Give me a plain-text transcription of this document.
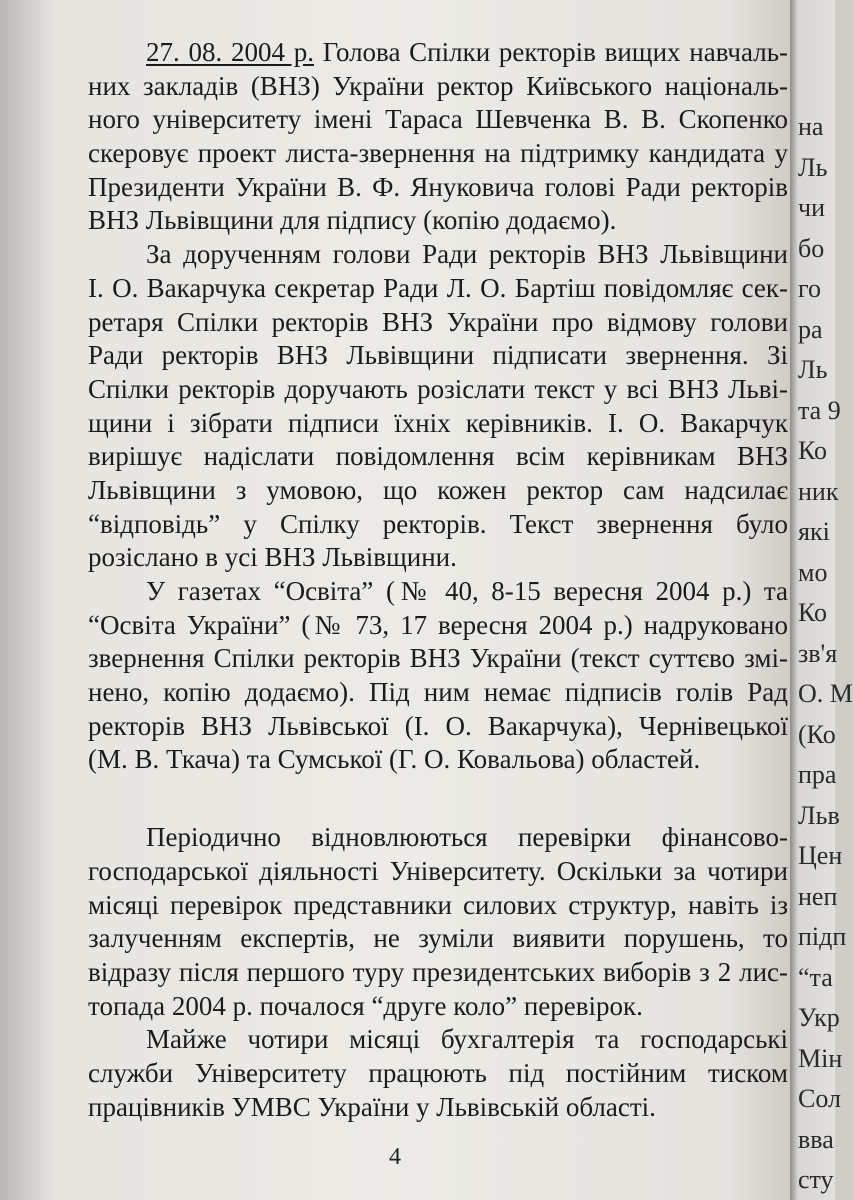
27. 08. 2004 р. Голова Спілки ректорів вищих навчаль-
них закладів (ВНЗ) України ректор Київського національ-
ного університету імені Тараса Шевченка В. В. Скопенко
скеровує проект листа-звернення на підтримку кандидата у
Президенти України В. Ф. Януковича голові Ради ректорів
ВНЗ Львівщини для підпису (копію додаємо).
За дорученням голови Ради ректорів ВНЗ Львівщини
І. О. Вакарчука секретар Ради Л. О. Бартіш повідомляє сек-
ретаря Спілки ректорів ВНЗ України про відмову голови
Ради ректорів ВНЗ Львівщини підписати звернення. Зі
Спілки ректорів доручають розіслати текст у всі ВНЗ Льві-
щини і зібрати підписи їхніх керівників. І. О. Вакарчук
вирішує надіслати повідомлення всім керівникам ВНЗ
Львівщини з умовою, що кожен ректор сам надсилає
“відповідь” у Спілку ректорів. Текст звернення було
розіслано в усі ВНЗ Львівщини.
У газетах “Освіта” (№ 40, 8-15 вересня 2004 р.) та
“Освіта України” (№ 73, 17 вересня 2004 р.) надруковано
звернення Спілки ректорів ВНЗ України (текст суттєво змі-
нено, копію додаємо). Під ним немає підписів голів Рад
ректорів ВНЗ Львівської (І. О. Вакарчука), Чернівецької
(М. В. Ткача) та Сумської (Г. О. Ковальова) областей.
Періодично відновлюються перевірки фінансово-
господарської діяльності Університету. Оскільки за чотири
місяці перевірок представники силових структур, навіть із
залученням експертів, не зуміли виявити порушень, то
відразу після першого туру президентських виборів з 2 лис-
топада 2004 р. почалося “друге коло” перевірок.
Майже чотири місяці бухгалтерія та господарські
служби Університету працюють під постійним тиском
працівників УМВС України у Львівській області.
4
на
Ль
чи
бо
го
ра
Ль
та 9
Ко
ник
які
мо
Ко
зв'я
О. М
(Ко
пра
Льв
Цен
неп
підп
“та
Укр
Мін
Сол
вва
сту
